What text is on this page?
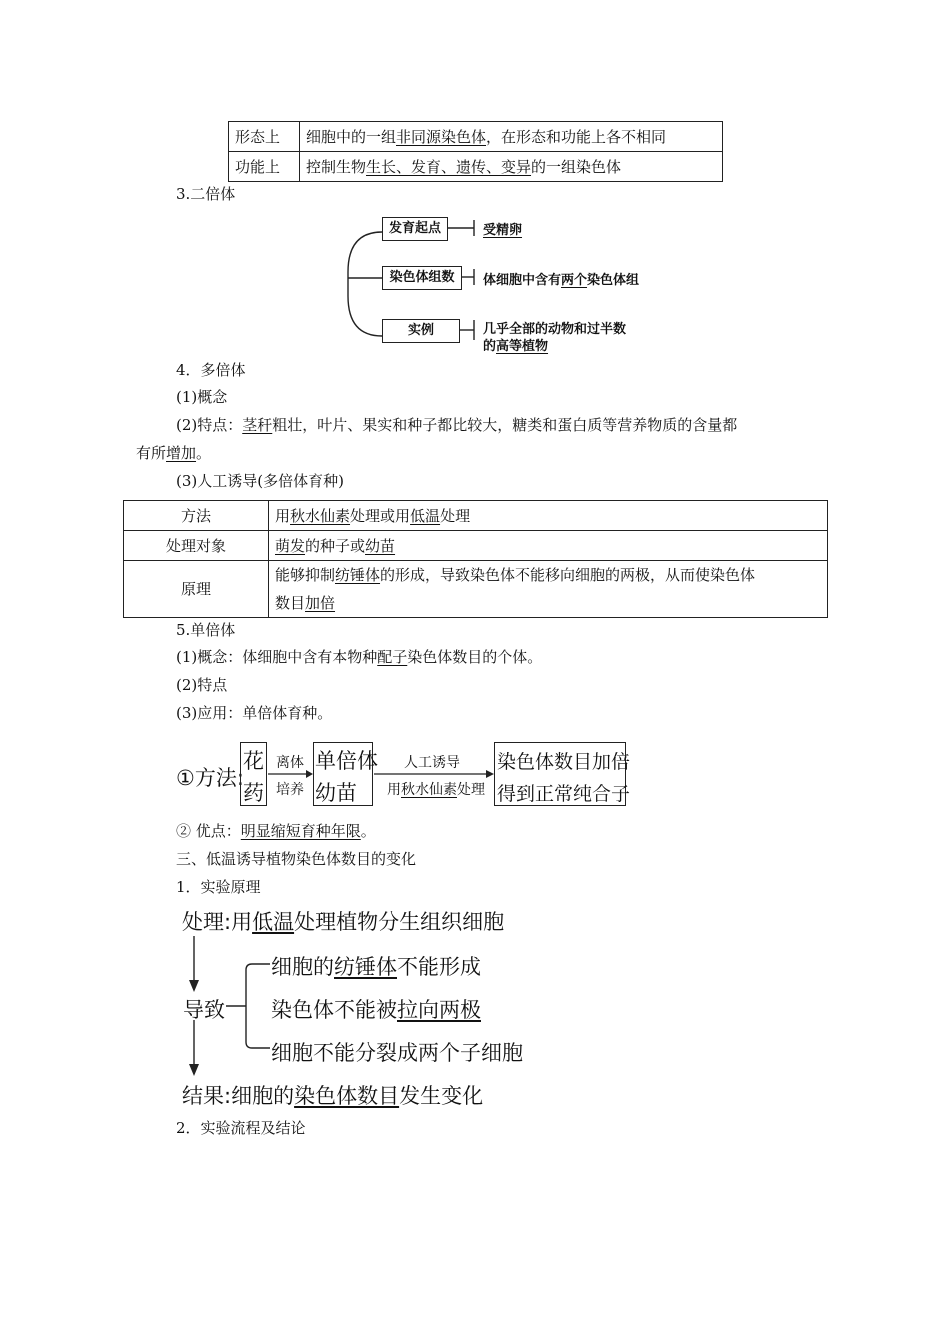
形态上	细胞中的一组非同源染色体，在形态和功能上各不相同
功能上	控制生物生长、发育、遗传、变异的一组染色体
3.二倍体
发育起点
染色体组数
实例
受精卵
体细胞中含有两个染色体组
几乎全部的动物和过半数
的高等植物
4．多倍体
(1)概念
(2)特点：茎秆粗壮，叶片、果实和种子都比较大，糖类和蛋白质等营养物质的含量都
有所增加。
(3)人工诱导(多倍体育种)
方法	用秋水仙素处理或用低温处理
处理对象	萌发的种子或幼苗
原理	能够抑制纺锤体的形成，导致染色体不能移向细胞的两极，从而使染色体
数目加倍
5.单倍体
(1)概念：体细胞中含有本物种配子染色体数目的个体。
(2)特点
(3)应用：单倍体育种。
①方法:
花
药
离体
培养
单倍体
幼苗
人工诱导
用秋水仙素处理
染色体数目加倍
得到正常纯合子
② 优点：明显缩短育种年限。
三、低温诱导植物染色体数目的变化
1．实验原理
处理:用低温处理植物分生组织细胞
导致
细胞的纺锤体不能形成
染色体不能被拉向两极
细胞不能分裂成两个子细胞
结果:细胞的染色体数目发生变化
2．实验流程及结论
